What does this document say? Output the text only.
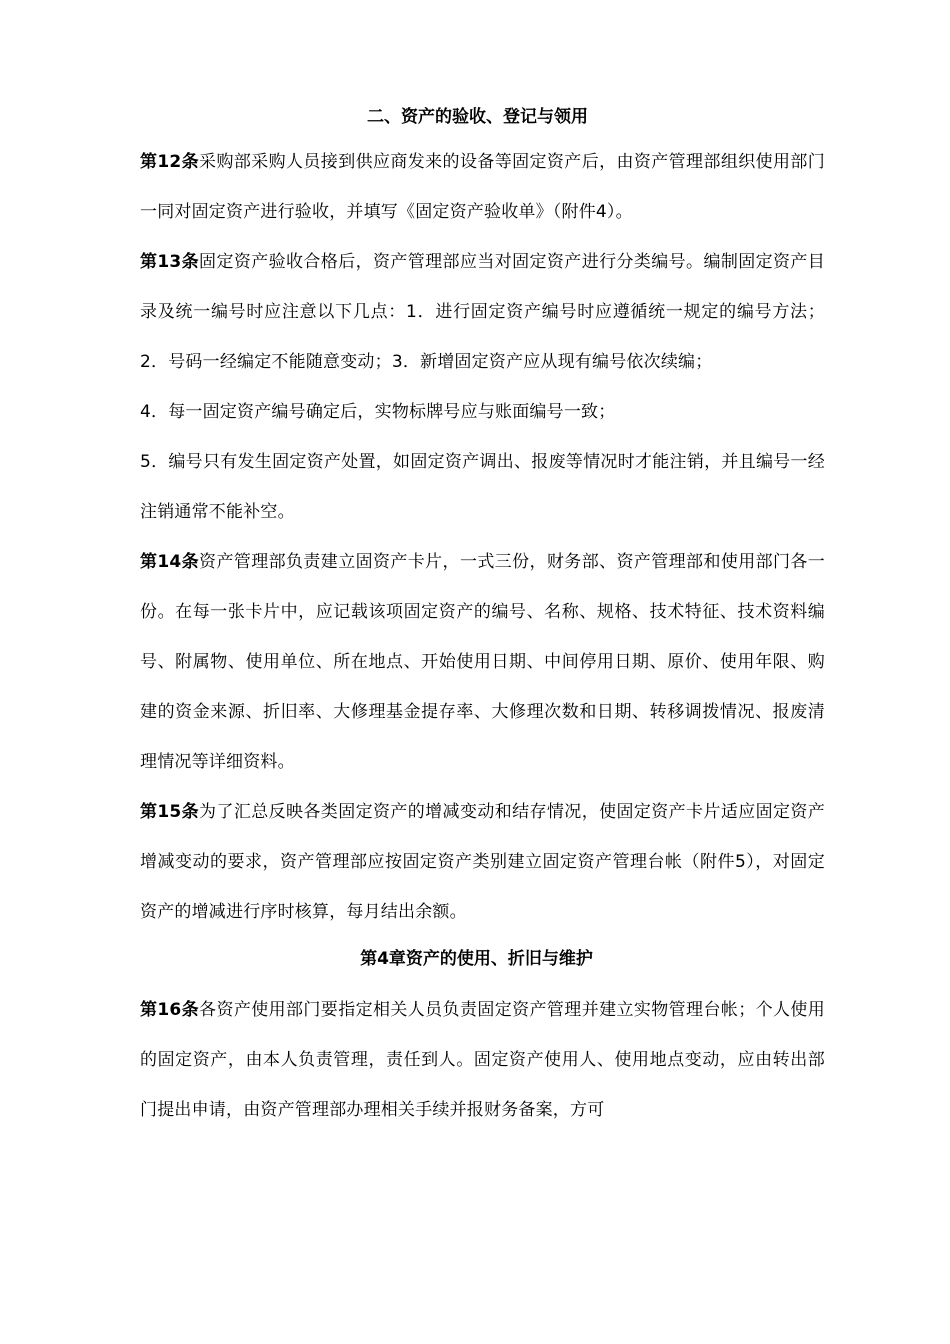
二、资产的验收、登记与领用

第12条采购部采购人员接到供应商发来的设备等固定资产后，由资产管理部组织使用部门一同对固定资产进行验收，并填写《固定资产验收单》（附件4）。

第13条固定资产验收合格后，资产管理部应当对固定资产进行分类编号。编制固定资产目录及统一编号时应注意以下几点：1．进行固定资产编号时应遵循统一规定的编号方法；2．号码一经编定不能随意变动；3．新增固定资产应从现有编号依次续编；

4．每一固定资产编号确定后，实物标牌号应与账面编号一致；

5．编号只有发生固定资产处置，如固定资产调出、报废等情况时才能注销，并且编号一经注销通常不能补空。

第14条资产管理部负责建立固资产卡片，一式三份，财务部、资产管理部和使用部门各一份。在每一张卡片中，应记载该项固定资产的编号、名称、规格、技术特征、技术资料编号、附属物、使用单位、所在地点、开始使用日期、中间停用日期、原价、使用年限、购建的资金来源、折旧率、大修理基金提存率、大修理次数和日期、转移调拨情况、报废清理情况等详细资料。

第15条为了汇总反映各类固定资产的增减变动和结存情况，使固定资产卡片适应固定资产增减变动的要求，资产管理部应按固定资产类别建立固定资产管理台帐（附件5），对固定资产的增减进行序时核算，每月结出余额。

第4章资产的使用、折旧与维护

第16条各资产使用部门要指定相关人员负责固定资产管理并建立实物管理台帐；个人使用的固定资产，由本人负责管理，责任到人。固定资产使用人、使用地点变动，应由转出部门提出申请，由资产管理部办理相关手续并报财务备案，方可
